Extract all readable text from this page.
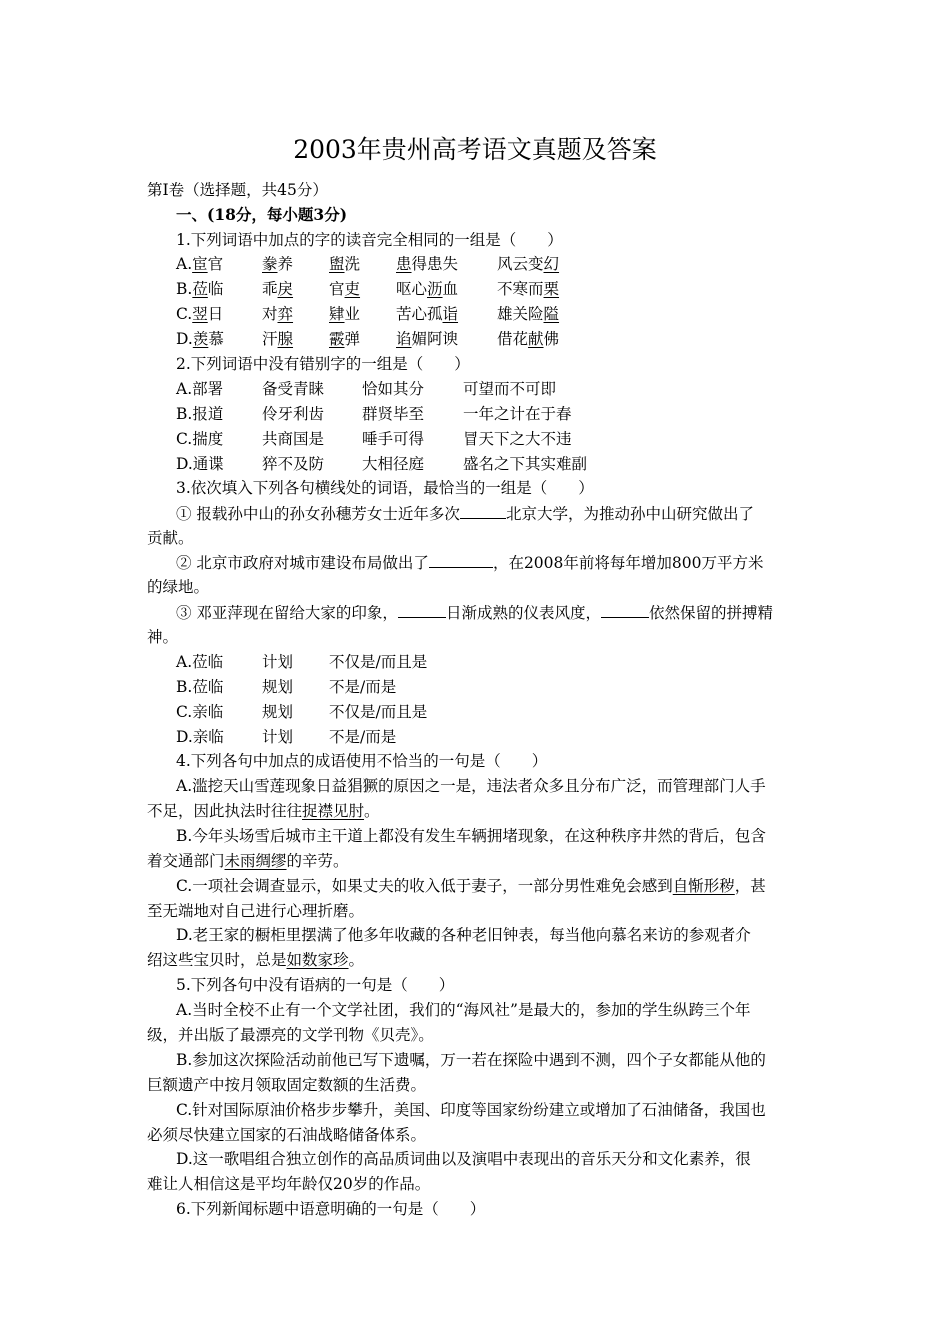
2003年贵州高考语文真题及答案
第Ⅰ卷（选择题，共45分）
一、(18分，每小题3分)
1.下列词语中加点的字的读音完全相同的一组是（　　）
A.宦官	豢养 盥洗 患得患失	风云变幻
B.莅临 乖戾 官吏 呕心沥血	不寒而栗
C.翌日 对弈 肄业 苦心孤诣	雄关险隘
D.羡慕 汗腺 霰弹 谄媚阿谀	借花献佛
2.下列词语中没有错别字的一组是（　　）
A.部署	备受青睐 恰如其分	可望而不可即
B.报道 伶牙利齿 群贤毕至	一年之计在于春
C.揣度	共商国是 唾手可得	冒天下之大不违
D.通谍 猝不及防 大相径庭	盛名之下其实难副
3.依次填入下列各句横线处的词语，最恰当的一组是（　　）
① 报载孙中山的孙女孙穗芳女士近年多次	北京大学，为推动孙中山研究做出了
贡献。
② 北京市政府对城市建设布局做出了	，在2008年前将每年增加800万平方米
的绿地。
③ 邓亚萍现在留给大家的印象，	日渐成熟的仪表风度，	依然保留的拼搏精
神。
A.莅临	计划 不仅是/而且是
B.莅临 规划 不是/而是
C.亲临	规划 不仅是/而且是
D.亲临 计划 不是/而是
4.下列各句中加点的成语使用不恰当的一句是（　　）
A.滥挖天山雪莲现象日益猖獗的原因之一是，违法者众多且分布广泛，而管理部门人手
不足，因此执法时往往捉襟见肘。
B.今年头场雪后城市主干道上都没有发生车辆拥堵现象，在这种秩序井然的背后，包含
着交通部门未雨绸缪的辛劳。
C.一项社会调查显示，如果丈夫的收入低于妻子，一部分男性难免会感到自惭形秽，甚
至无端地对自己进行心理折磨。
D.老王家的橱柜里摆满了他多年收藏的各种老旧钟表，每当他向慕名来访的参观者介
绍这些宝贝时，总是如数家珍。
5.下列各句中没有语病的一句是（　　）
A.当时全校不止有一个文学社团，我们的“海风社”是最大的，参加的学生纵跨三个年
级，并出版了最漂亮的文学刊物《贝壳》。
B.参加这次探险活动前他已写下遗嘱，万一若在探险中遇到不测，四个子女都能从他的
巨额遗产中按月领取固定数额的生活费。
C.针对国际原油价格步步攀升，美国、印度等国家纷纷建立或增加了石油储备，我国也
必须尽快建立国家的石油战略储备体系。
D.这一歌唱组合独立创作的高品质词曲以及演唱中表现出的音乐天分和文化素养，很
难让人相信这是平均年龄仅20岁的作品。
6.下列新闻标题中语意明确的一句是（　　）
